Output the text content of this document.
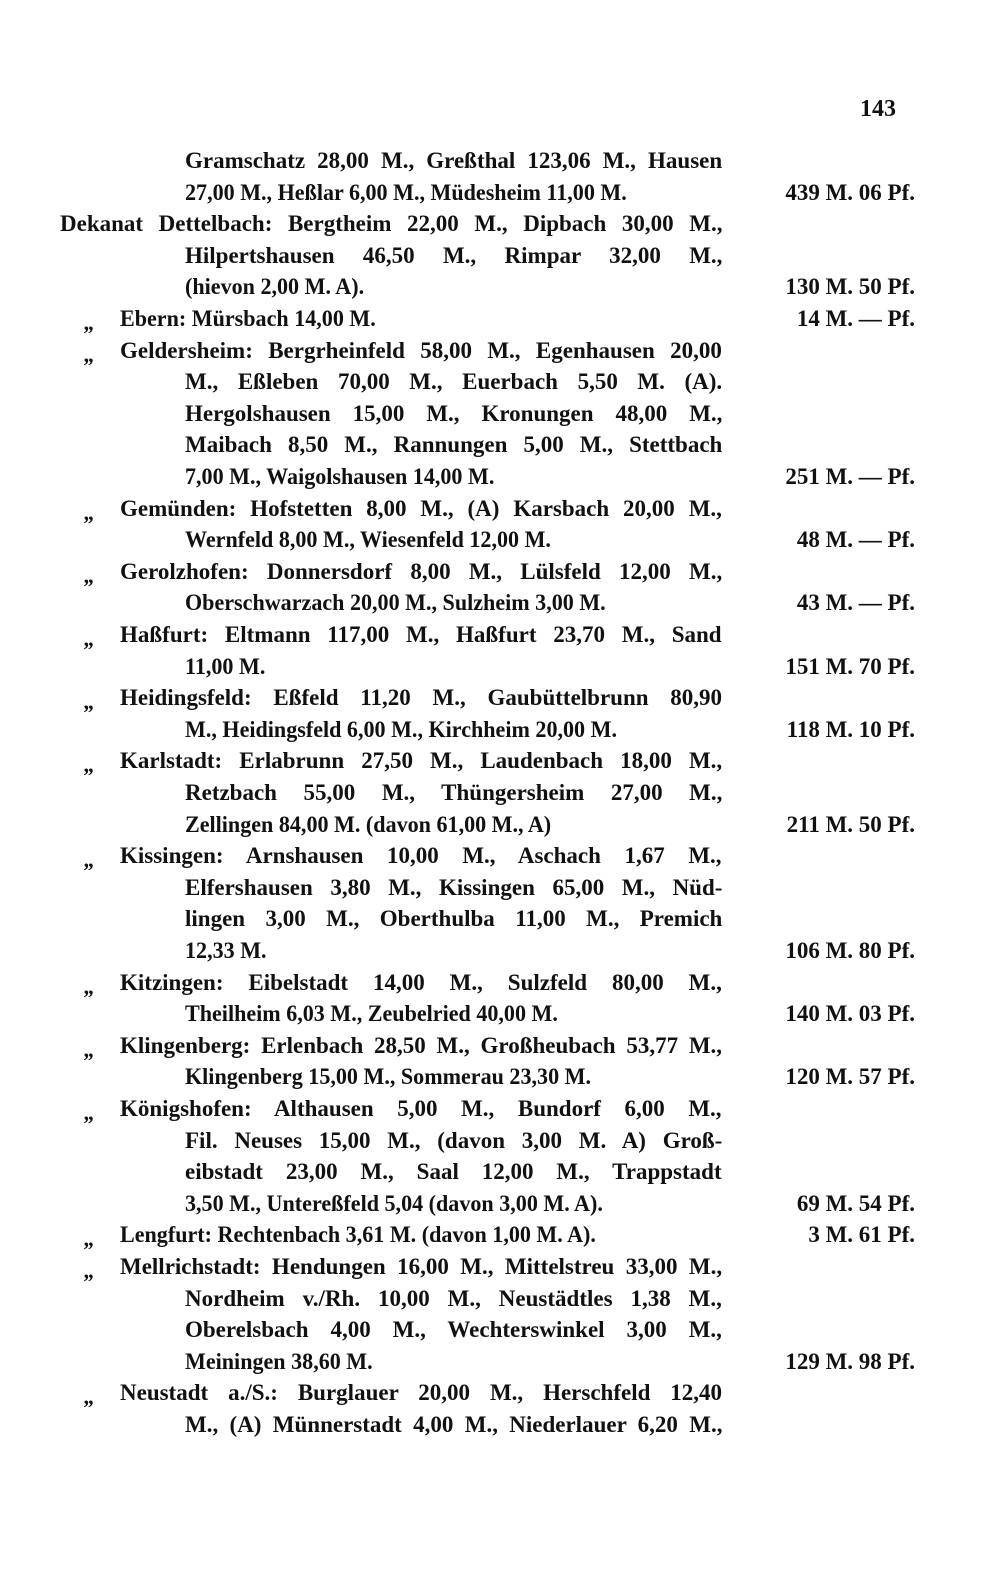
143
Gramschatz 28,00 M., Greßthal 123,06 M., Hausen
27,00 M., Heßlar 6,00 M., Müdesheim 11,00 M.	439 M. 06 Pf.
Dekanat Dettelbach: Bergtheim 22,00 M., Dipbach 30,00 M.,
Hilpertshausen 46,50 M., Rimpar 32,00 M.,
(hievon 2,00 M. A).	130 M. 50 Pf.
„ Ebern: Mürsbach 14,00 M.	14 M. — Pf.
„ Geldersheim: Bergrheinfeld 58,00 M., Egenhausen 20,00
M., Eßleben 70,00 M., Euerbach 5,50 M. (A).
Hergolshausen 15,00 M., Kronungen 48,00 M.,
Maibach 8,50 M., Rannungen 5,00 M., Stettbach
7,00 M., Waigolshausen 14,00 M.	251 M. — Pf.
„ Gemünden: Hofstetten 8,00 M., (A) Karsbach 20,00 M.,
Wernfeld 8,00 M., Wiesenfeld 12,00 M.	48 M. — Pf.
„ Gerolzhofen: Donnersdorf 8,00 M., Lülsfeld 12,00 M.,
Oberschwarzach 20,00 M., Sulzheim 3,00 M.	43 M. — Pf.
„ Haßfurt: Eltmann 117,00 M., Haßfurt 23,70 M., Sand
11,00 M.	151 M. 70 Pf.
„ Heidingsfeld: Eßfeld 11,20 M., Gaubüttelbrunn 80,90
M., Heidingsfeld 6,00 M., Kirchheim 20,00 M.	118 M. 10 Pf.
„ Karlstadt: Erlabrunn 27,50 M., Laudenbach 18,00 M.,
Retzbach 55,00 M., Thüngersheim 27,00 M.,
Zellingen 84,00 M. (davon 61,00 M., A)	211 M. 50 Pf.
„ Kissingen: Arnshausen 10,00 M., Aschach 1,67 M.,
Elfershausen 3,80 M., Kissingen 65,00 M., Nüd-
lingen 3,00 M., Oberthulba 11,00 M., Premich
12,33 M.	106 M. 80 Pf.
„ Kitzingen: Eibelstadt 14,00 M., Sulzfeld 80,00 M.,
Theilheim 6,03 M., Zeubelried 40,00 M.	140 M. 03 Pf.
„ Klingenberg: Erlenbach 28,50 M., Großheubach 53,77 M.,
Klingenberg 15,00 M., Sommerau 23,30 M.	120 M. 57 Pf.
„ Königshofen: Althausen 5,00 M., Bundorf 6,00 M.,
Fil. Neuses 15,00 M., (davon 3,00 M. A) Groß-
eibstadt 23,00 M., Saal 12,00 M., Trappstadt
3,50 M., Untereßfeld 5,04 (davon 3,00 M. A).	69 M. 54 Pf.
„ Lengfurt: Rechtenbach 3,61 M. (davon 1,00 M. A).	3 M. 61 Pf.
„ Mellrichstadt: Hendungen 16,00 M., Mittelstreu 33,00 M.,
Nordheim v./Rh. 10,00 M., Neustädtles 1,38 M.,
Oberelsbach 4,00 M., Wechterswinkel 3,00 M.,
Meiningen 38,60 M.	129 M. 98 Pf.
„ Neustadt a./S.: Burglauer 20,00 M., Herschfeld 12,40
M., (A) Münnerstadt 4,00 M., Niederlauer 6,20 M.,
